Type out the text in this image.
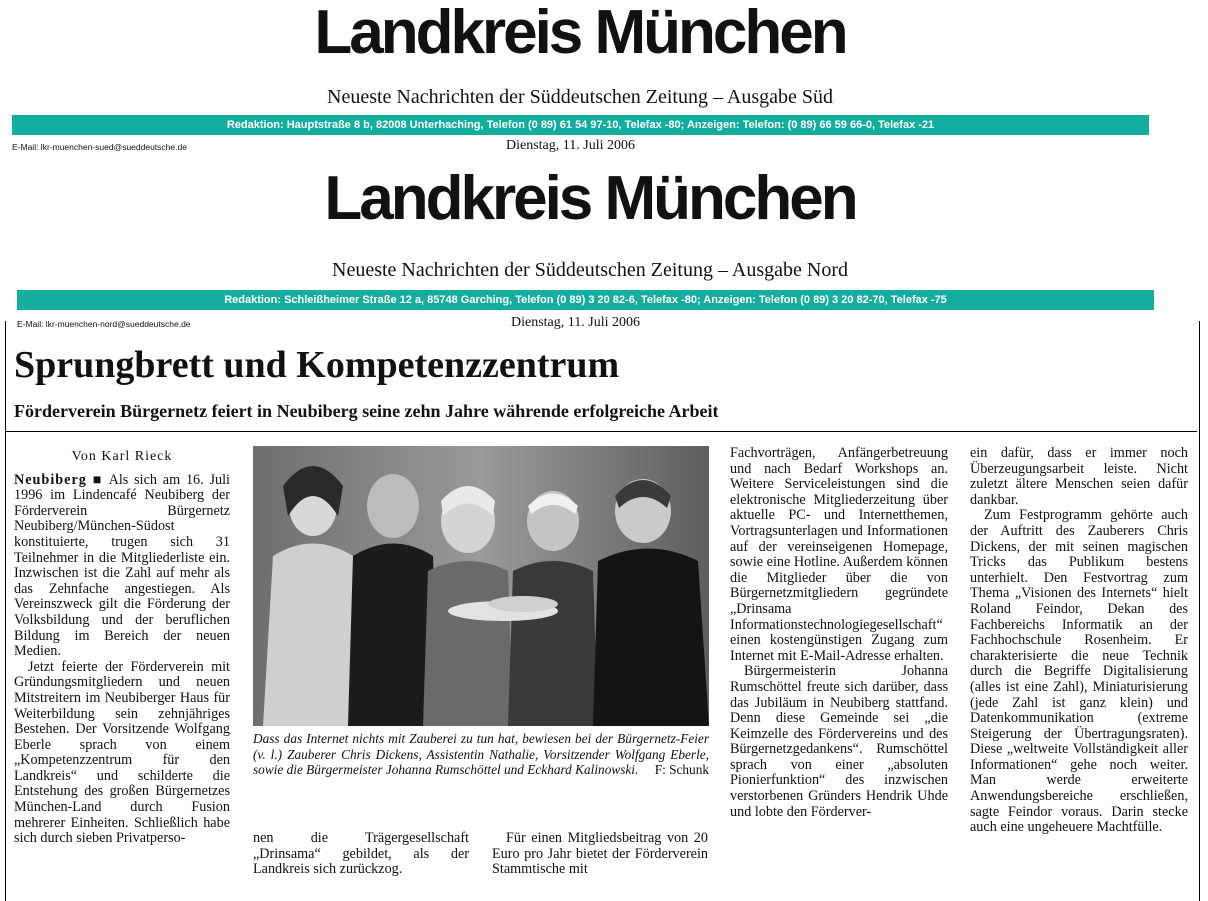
Landkreis München
Neueste Nachrichten der Süddeutschen Zeitung – Ausgabe Süd
Redaktion: Hauptstraße 8 b, 82008 Unterhaching, Telefon (0 89) 61 54 97-10, Telefax -80; Anzeigen: Telefon: (0 89) 66 59 66-0, Telefax -21
E-Mail: lkr-muenchen-sued@sueddeutsche.de	Dienstag, 11. Juli 2006
Landkreis München
Neueste Nachrichten der Süddeutschen Zeitung – Ausgabe Nord
Redaktion: Schleißheimer Straße 12 a, 85748 Garching, Telefon (0 89) 3 20 82-6, Telefax -80; Anzeigen: Telefon (0 89) 3 20 82-70, Telefax -75
E-Mail: lkr-muenchen-nord@sueddeutsche.de	Dienstag, 11. Juli 2006
Sprungbrett und Kompetenzzentrum
Förderverein Bürgernetz feiert in Neubiberg seine zehn Jahre währende erfolgreiche Arbeit
Von Karl Rieck

Neubiberg ■ Als sich am 16. Juli 1996 im Lindencafé Neubiberg der Förderverein Bürgernetz Neubiberg/München-Südost konstituierte, trugen sich 31 Teilnehmer in die Mitgliederliste ein. Inzwischen ist die Zahl auf mehr als das Zehnfache angestiegen. Als Vereinszweck gilt die Förderung der Volksbildung und der beruflichen Bildung im Bereich der neuen Medien.

Jetzt feierte der Förderverein mit Gründungsmitgliedern und neuen Mitstreitern im Neubiberger Haus für Weiterbildung sein zehnjähriges Bestehen. Der Vorsitzende Wolfgang Eberle sprach von einem „Kompetenzzentrum für den Landkreis“ und schilderte die Entstehung des großen Bürgernetzes München-Land durch Fusion mehrerer Einheiten. Schließlich habe sich durch sieben Privatperso-

Dass das Internet nichts mit Zauberei zu tun hat, bewiesen bei der Bürgernetz-Feier (v. l.) Zauberer Chris Dickens, Assistentin Nathalie, Vorsitzender Wolfgang Eberle, sowie die Bürgermeister Johanna Rumschöttel und Eckhard Kalinowski. F: Schunk

nen die Trägergesellschaft „Drinsama“ gebildet, als der Landkreis sich zurückzog.

Für einen Mitgliedsbeitrag von 20 Euro pro Jahr bietet der Förderverein Stammtische mit

Fachvorträgen, Anfängerbetreuung und nach Bedarf Workshops an. Weitere Serviceleistungen sind die elektronische Mitgliederzeitung über aktuelle PC- und Internetthemen, Vortragsunterlagen und Informationen auf der vereinseigenen Homepage, sowie eine Hotline. Außerdem können die Mitglieder über die von Bürgernetzmitgliedern gegründete „Drinsama Informationstechnologiegesellschaft“ einen kostengünstigen Zugang zum Internet mit E-Mail-Adresse erhalten.

Bürgermeisterin Johanna Rumschöttel freute sich darüber, dass das Jubiläum in Neubiberg stattfand. Denn diese Gemeinde sei „die Keimzelle des Fördervereins und des Bürgernetzgedankens“. Rumschöttel sprach von einer „absoluten Pionierfunktion“ des inzwischen verstorbenen Gründers Hendrik Uhde und lobte den Förderver-

ein dafür, dass er immer noch Überzeugungsarbeit leiste. Nicht zuletzt ältere Menschen seien dafür dankbar.

Zum Festprogramm gehörte auch der Auftritt des Zauberers Chris Dickens, der mit seinen magischen Tricks das Publikum bestens unterhielt. Den Festvortrag zum Thema „Visionen des Internets“ hielt Roland Feindor, Dekan des Fachbereichs Informatik an der Fachhochschule Rosenheim. Er charakterisierte die neue Technik durch die Begriffe Digitalisierung (alles ist eine Zahl), Miniaturisierung (jede Zahl ist ganz klein) und Datenkommunikation (extreme Steigerung der Übertragungsraten). Diese „weltweite Vollständigkeit aller Informationen“ gehe noch weiter. Man werde erweiterte Anwendungsbereiche erschließen, sagte Feindor voraus. Darin stecke auch eine ungeheuere Machtfülle.
